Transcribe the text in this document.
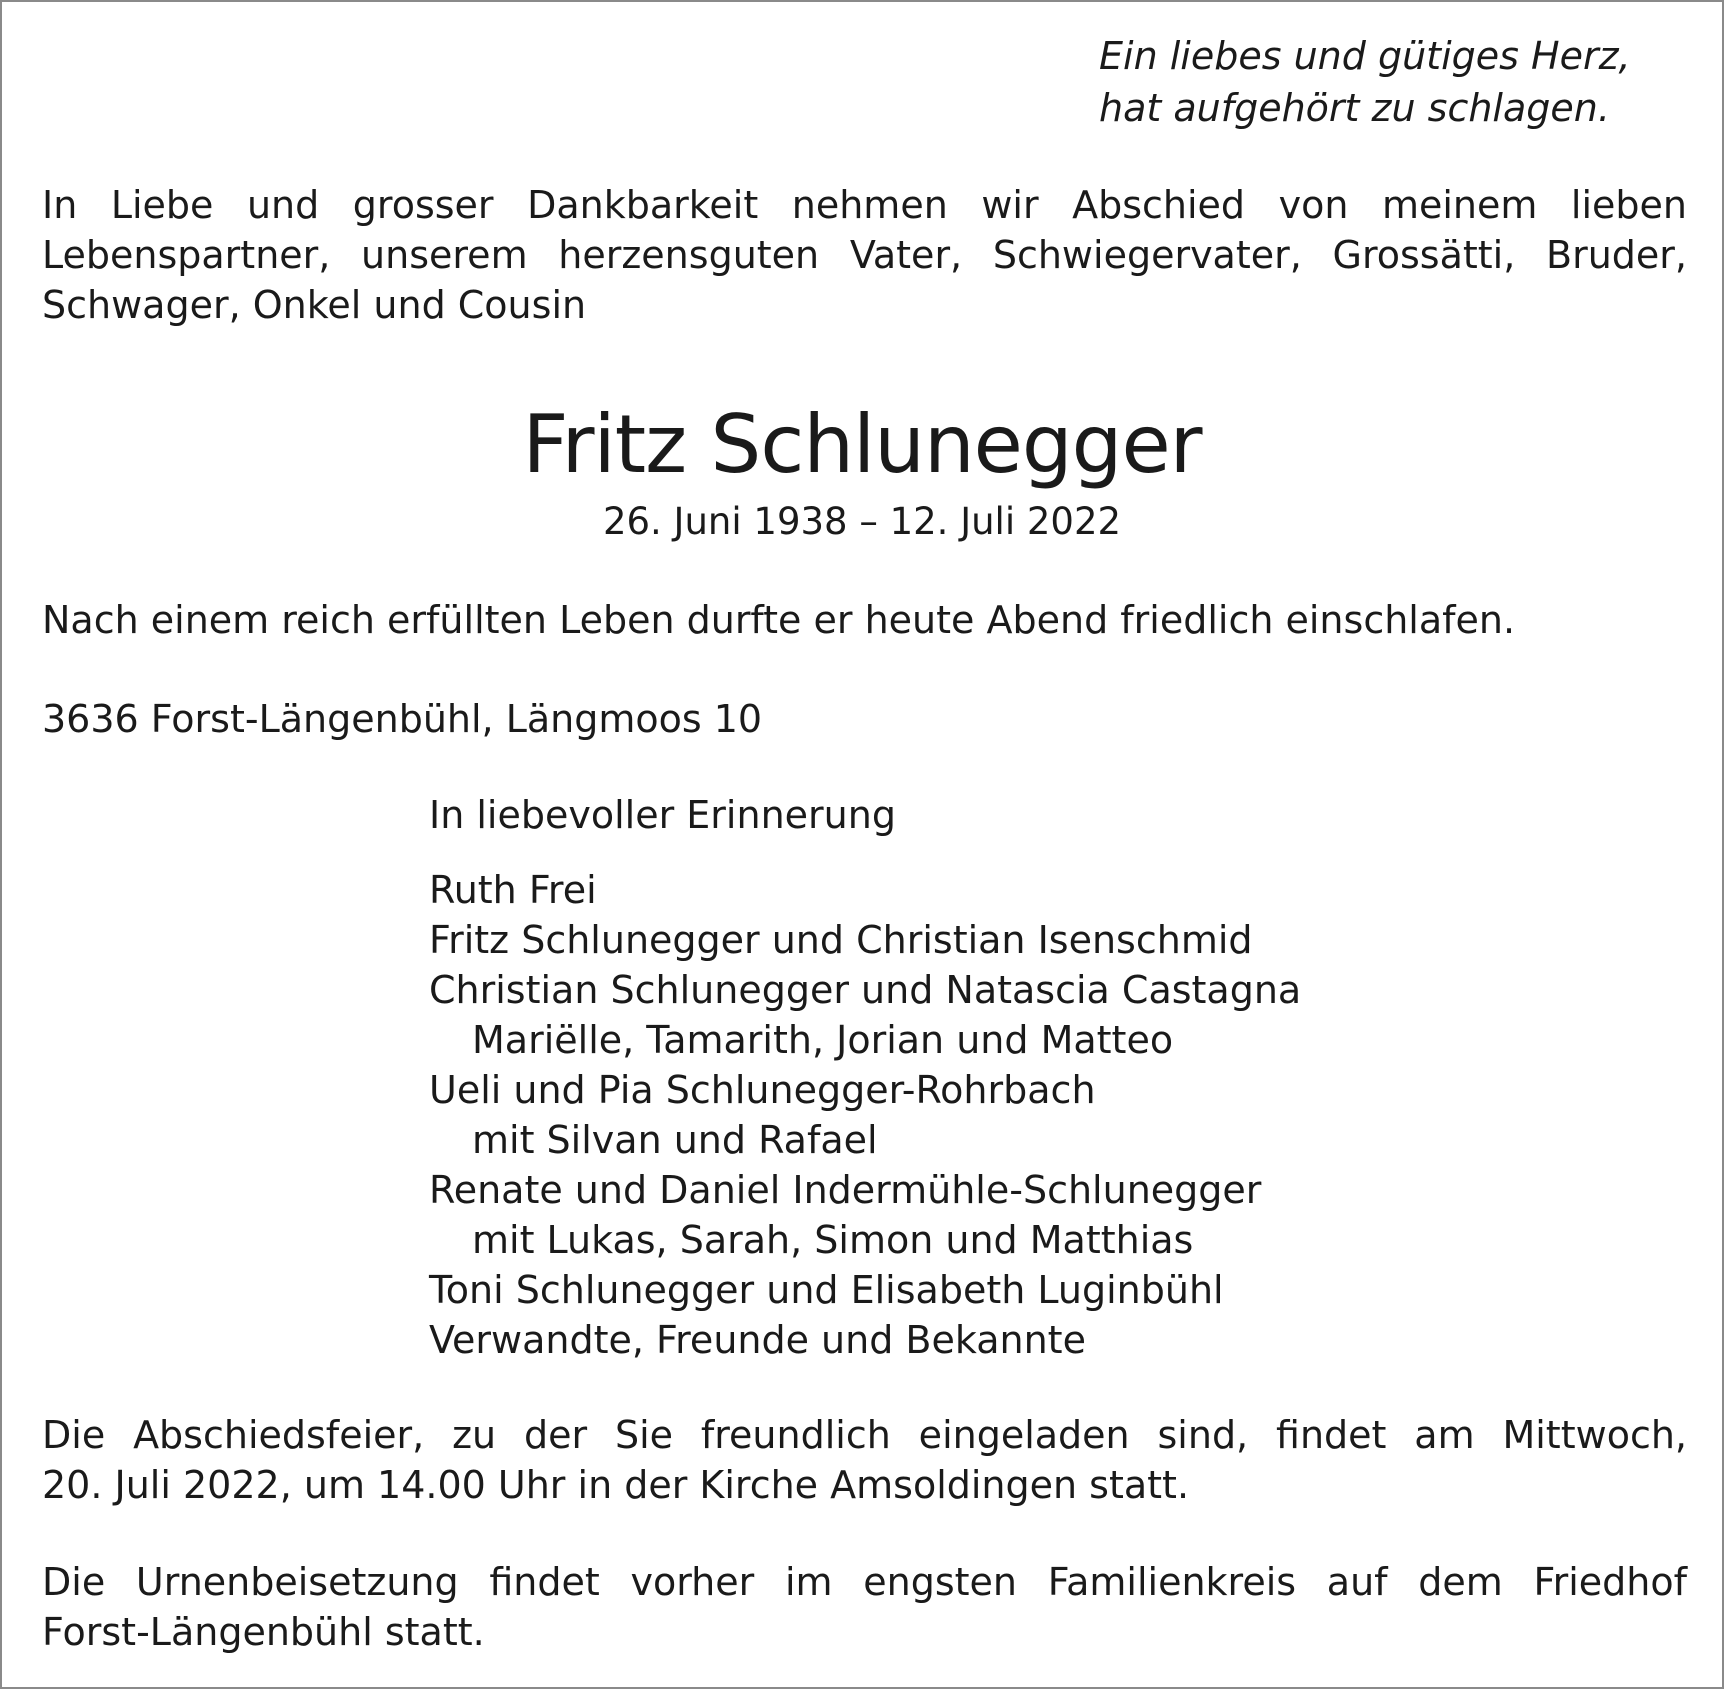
Ein liebes und gütiges Herz,
hat aufgehört zu schlagen.
In Liebe und grosser Dankbarkeit nehmen wir Abschied von meinem lieben
Lebenspartner, unserem herzensguten Vater, Schwiegervater, Grossätti, Bruder,
Schwager, Onkel und Cousin
Fritz Schlunegger
26. Juni 1938 – 12. Juli 2022
Nach einem reich erfüllten Leben durfte er heute Abend friedlich einschlafen.
3636 Forst-Längenbühl, Längmoos 10
In liebevoller Erinnerung
Ruth Frei
Fritz Schlunegger und Christian Isenschmid
Christian Schlunegger und Natascia Castagna
Mariëlle, Tamarith, Jorian und Matteo
Ueli und Pia Schlunegger-Rohrbach
mit Silvan und Rafael
Renate und Daniel Indermühle-Schlunegger
mit Lukas, Sarah, Simon und Matthias
Toni Schlunegger und Elisabeth Luginbühl
Verwandte, Freunde und Bekannte
Die Abschiedsfeier, zu der Sie freundlich eingeladen sind, findet am Mittwoch,
20. Juli 2022, um 14.00 Uhr in der Kirche Amsoldingen statt.
Die Urnenbeisetzung findet vorher im engsten Familienkreis auf dem Friedhof
Forst-Längenbühl statt.
